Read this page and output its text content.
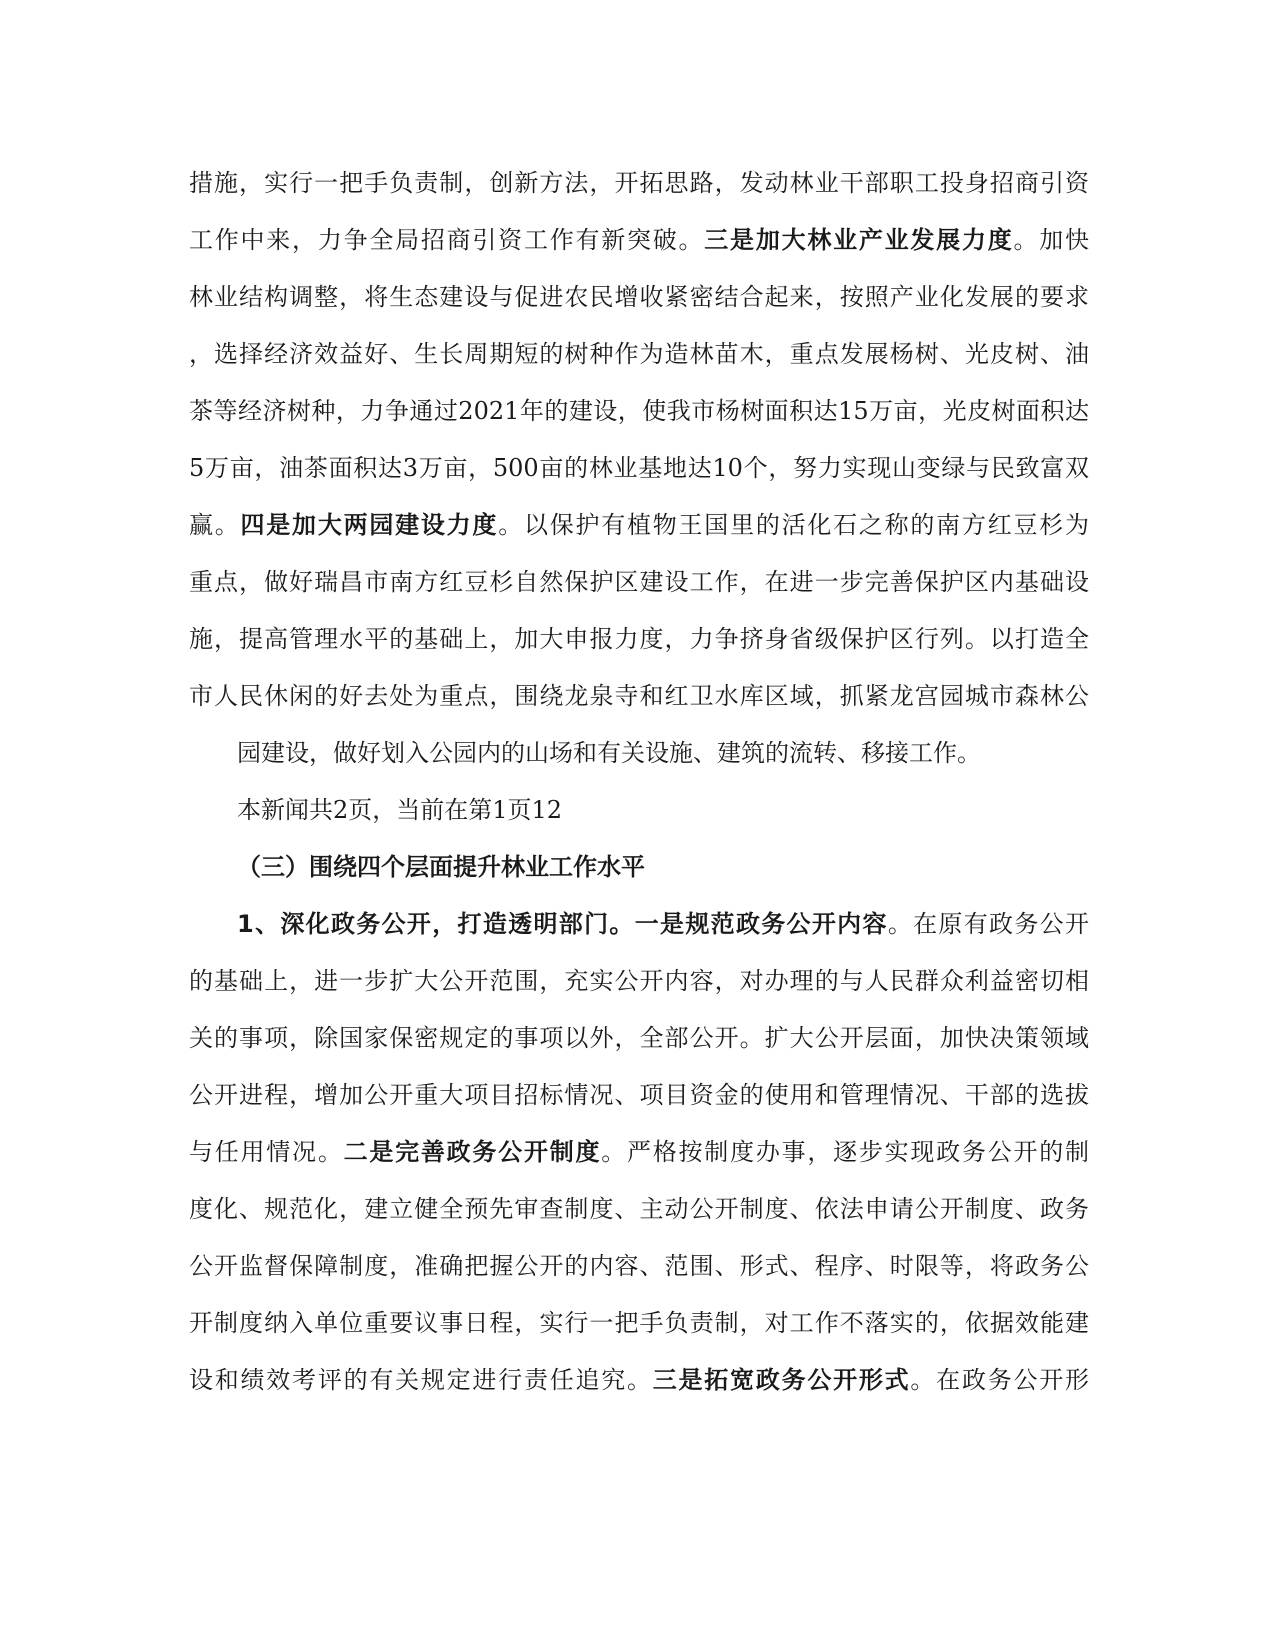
措施，实行一把手负责制，创新方法，开拓思路，发动林业干部职工投身招商引资
工作中来，力争全局招商引资工作有新突破。三是加大林业产业发展力度。加快
林业结构调整，将生态建设与促进农民增收紧密结合起来，按照产业化发展的要求
，选择经济效益好、生长周期短的树种作为造林苗木，重点发展杨树、光皮树、油
茶等经济树种，力争通过2021年的建设，使我市杨树面积达15万亩，光皮树面积达
5万亩，油茶面积达3万亩，500亩的林业基地达10个，努力实现山变绿与民致富双
赢。四是加大两园建设力度。以保护有植物王国里的活化石之称的南方红豆杉为
重点，做好瑞昌市南方红豆杉自然保护区建设工作，在进一步完善保护区内基础设
施，提高管理水平的基础上，加大申报力度，力争挤身省级保护区行列。以打造全
市人民休闲的好去处为重点，围绕龙泉寺和红卫水库区域，抓紧龙宫园城市森林公
园建设，做好划入公园内的山场和有关设施、建筑的流转、移接工作。
本新闻共2页，当前在第1页12
（三）围绕四个层面提升林业工作水平
1、深化政务公开，打造透明部门。一是规范政务公开内容。在原有政务公开
的基础上，进一步扩大公开范围，充实公开内容，对办理的与人民群众利益密切相
关的事项，除国家保密规定的事项以外，全部公开。扩大公开层面，加快决策领域
公开进程，增加公开重大项目招标情况、项目资金的使用和管理情况、干部的选拔
与任用情况。二是完善政务公开制度。严格按制度办事，逐步实现政务公开的制
度化、规范化，建立健全预先审查制度、主动公开制度、依法申请公开制度、政务
公开监督保障制度，准确把握公开的内容、范围、形式、程序、时限等，将政务公
开制度纳入单位重要议事日程，实行一把手负责制，对工作不落实的，依据效能建
设和绩效考评的有关规定进行责任追究。三是拓宽政务公开形式。在政务公开形
